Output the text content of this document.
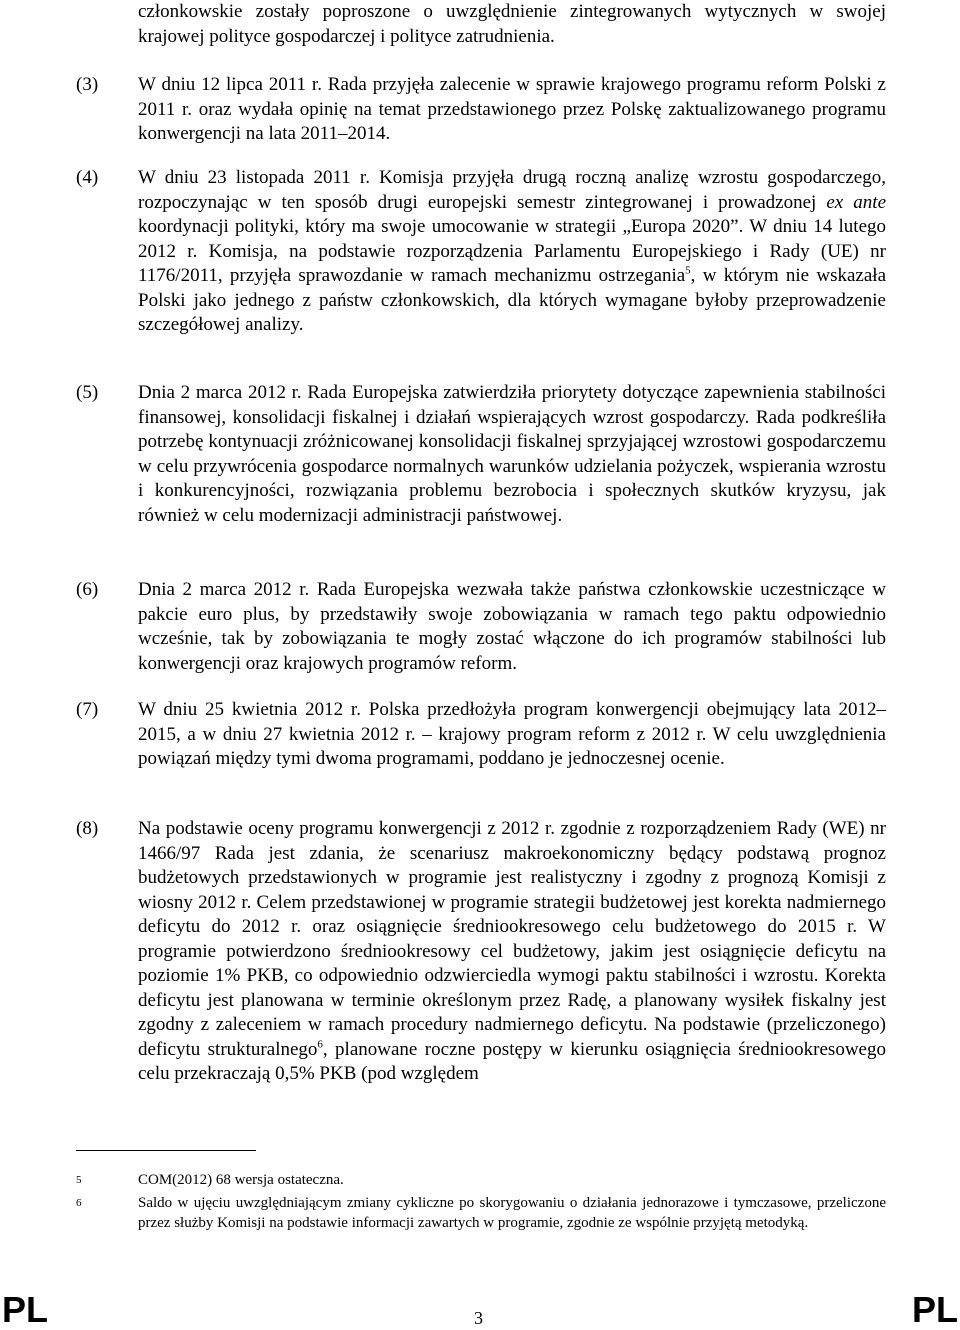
członkowskie zostały poproszone o uwzględnienie zintegrowanych wytycznych w swojej krajowej polityce gospodarczej i polityce zatrudnienia.
(3) W dniu 12 lipca 2011 r. Rada przyjęła zalecenie w sprawie krajowego programu reform Polski z 2011 r. oraz wydała opinię na temat przedstawionego przez Polskę zaktualizowanego programu konwergencji na lata 2011–2014.
(4) W dniu 23 listopada 2011 r. Komisja przyjęła drugą roczną analizę wzrostu gospodarczego, rozpoczynając w ten sposób drugi europejski semestr zintegrowanej i prowadzonej ex ante koordynacji polityki, który ma swoje umocowanie w strategii „Europa 2020”. W dniu 14 lutego 2012 r. Komisja, na podstawie rozporządzenia Parlamentu Europejskiego i Rady (UE) nr 1176/2011, przyjęła sprawozdanie w ramach mechanizmu ostrzegania$^5$, w którym nie wskazała Polski jako jednego z państw członkowskich, dla których wymagane byłoby przeprowadzenie szczegółowej analizy.
(5) Dnia 2 marca 2012 r. Rada Europejska zatwierdziła priorytety dotyczące zapewnienia stabilności finansowej, konsolidacji fiskalnej i działań wspierających wzrost gospodarczy. Rada podkreśliła potrzebę kontynuacji zróżnicowanej konsolidacji fiskalnej sprzyjającej wzrostowi gospodarczemu w celu przywrócenia gospodarce normalnych warunków udzielania pożyczek, wspierania wzrostu i konkurencyjności, rozwiązania problemu bezrobocia i społecznych skutków kryzysu, jak również w celu modernizacji administracji państwowej.
(6) Dnia 2 marca 2012 r. Rada Europejska wezwała także państwa członkowskie uczestniczące w pakcie euro plus, by przedstawiły swoje zobowiązania w ramach tego paktu odpowiednio wcześnie, tak by zobowiązania te mogły zostać włączone do ich programów stabilności lub konwergencji oraz krajowych programów reform.
(7) W dniu 25 kwietnia 2012 r. Polska przedłożyła program konwergencji obejmujący lata 2012–2015, a w dniu 27 kwietnia 2012 r. – krajowy program reform z 2012 r. W celu uwzględnienia powiązań między tymi dwoma programami, poddano je jednoczesnej ocenie.
(8) Na podstawie oceny programu konwergencji z 2012 r. zgodnie z rozporządzeniem Rady (WE) nr 1466/97 Rada jest zdania, że scenariusz makroekonomiczny będący podstawą prognoz budżetowych przedstawionych w programie jest realistyczny i zgodny z prognozą Komisji z wiosny 2012 r. Celem przedstawionej w programie strategii budżetowej jest korekta nadmiernego deficytu do 2012 r. oraz osiągnięcie średniookresowego celu budżetowego do 2015 r. W programie potwierdzono średniookresowy cel budżetowy, jakim jest osiągnięcie deficytu na poziomie 1% PKB, co odpowiednio odzwierciedla wymogi paktu stabilności i wzrostu. Korekta deficytu jest planowana w terminie określonym przez Radę, a planowany wysiłek fiskalny jest zgodny z zaleceniem w ramach procedury nadmiernego deficytu. Na podstawie (przeliczonego) deficytu strukturalnego$^6$, planowane roczne postępy w kierunku osiągnięcia średniookresowego celu przekraczają 0,5% PKB (pod względem
5	COM(2012) 68 wersja ostateczna.
6	Saldo w ujęciu uwzględniającym zmiany cykliczne po skorygowaniu o działania jednorazowe i tymczasowe, przeliczone przez służby Komisji na podstawie informacji zawartych w programie, zgodnie ze wspólnie przyjętą metodyką.
PL	3	PL
